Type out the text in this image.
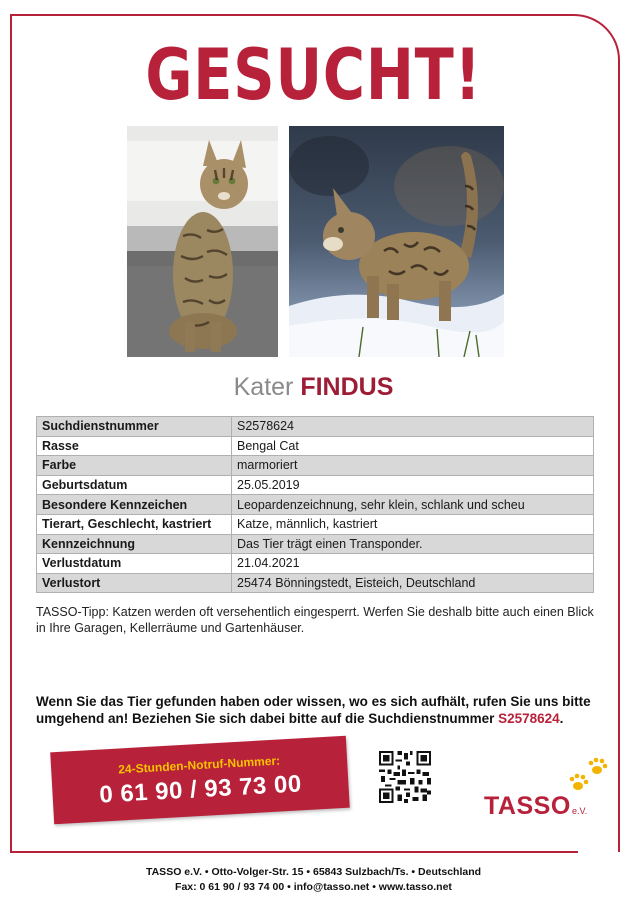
GESUCHT!
Kater FINDUS
Suchdienstnummer	S2578624
Rasse	Bengal Cat
Farbe	marmoriert
Geburtsdatum	25.05.2019
Besondere Kennzeichen	Leopardenzeichnung, sehr klein, schlank und scheu
Tierart, Geschlecht, kastriert	Katze, männlich, kastriert
Kennzeichnung	Das Tier trägt einen Transponder.
Verlustdatum	21.04.2021
Verlustort	25474 Bönningstedt, Eisteich, Deutschland

TASSO-Tipp: Katzen werden oft versehentlich eingesperrt. Werfen Sie deshalb bitte auch einen Blick in Ihre Garagen, Kellerräume und Gartenhäuser.

Wenn Sie das Tier gefunden haben oder wissen, wo es sich aufhält, rufen Sie uns bitte umgehend an! Beziehen Sie sich dabei bitte auf die Suchdienstnummer S2578624.

24-Stunden-Notruf-Nummer:
0 61 90 / 93 73 00	TASSO e.V.
TASSO e.V. • Otto-Volger-Str. 15 • 65843 Sulzbach/Ts. • Deutschland
Fax: 0 61 90 / 93 74 00 • info@tasso.net • www.tasso.net
